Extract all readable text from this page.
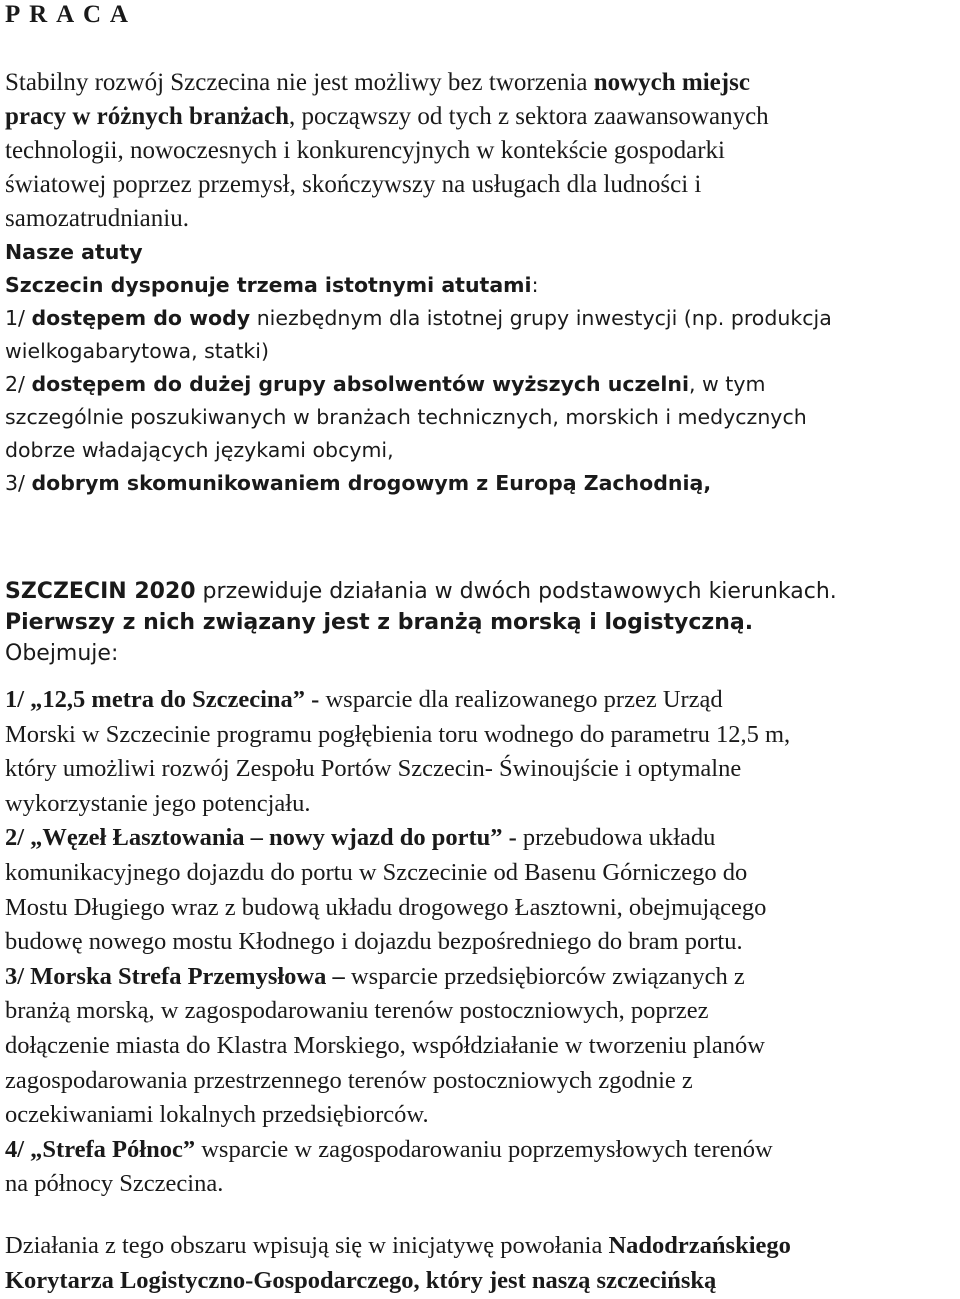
P R A C A

Stabilny rozwój Szczecina nie jest możliwy bez tworzenia nowych miejsc
pracy w różnych branżach, począwszy od tych z sektora zaawansowanych
technologii, nowoczesnych i konkurencyjnych w kontekście gospodarki
światowej poprzez przemysł, skończywszy na usługach dla ludności i
samozatrudnianiu.

Nasze atuty
Szczecin dysponuje trzema istotnymi atutami:
1/ dostępem do wody niezbędnym dla istotnej grupy inwestycji (np. produkcja
wielkogabarytowa, statki)
2/ dostępem do dużej grupy absolwentów wyższych uczelni, w tym
szczególnie poszukiwanych w branżach technicznych, morskich i medycznych
dobrze władających językami obcymi,
3/ dobrym skomunikowaniem drogowym z Europą Zachodnią,
SZCZECIN 2020 przewiduje działania w dwóch podstawowych kierunkach.
Pierwszy z nich związany jest z branżą morską i logistyczną.
Obejmuje:
1/ „12,5 metra do Szczecina” - wsparcie dla realizowanego przez Urząd
Morski w Szczecinie programu pogłębienia toru wodnego do parametru 12,5 m,
który umożliwi rozwój Zespołu Portów Szczecin- Świnoujście i optymalne
wykorzystanie jego potencjału.
2/ „Węzeł Łasztowania – nowy wjazd do portu” - przebudowa układu
komunikacyjnego dojazdu do portu w Szczecinie od Basenu Górniczego do
Mostu Długiego wraz z budową układu drogowego Łasztowni, obejmującego
budowę nowego mostu Kłodnego i dojazdu bezpośredniego do bram portu.
3/ Morska Strefa Przemysłowa – wsparcie przedsiębiorców związanych z
branżą morską, w zagospodarowaniu terenów postoczniowych, poprzez
dołączenie miasta do Klastra Morskiego, współdziałanie w tworzeniu planów
zagospodarowania przestrzennego terenów postoczniowych zgodnie z
oczekiwaniami lokalnych przedsiębiorców.
4/ „Strefa Północ” wsparcie w zagospodarowaniu poprzemysłowych terenów
na północy Szczecina.
Działania z tego obszaru wpisują się w inicjatywę powołania Nadodrzańskiego
Korytarza Logistyczno-Gospodarczego, który jest naszą szczecińską
